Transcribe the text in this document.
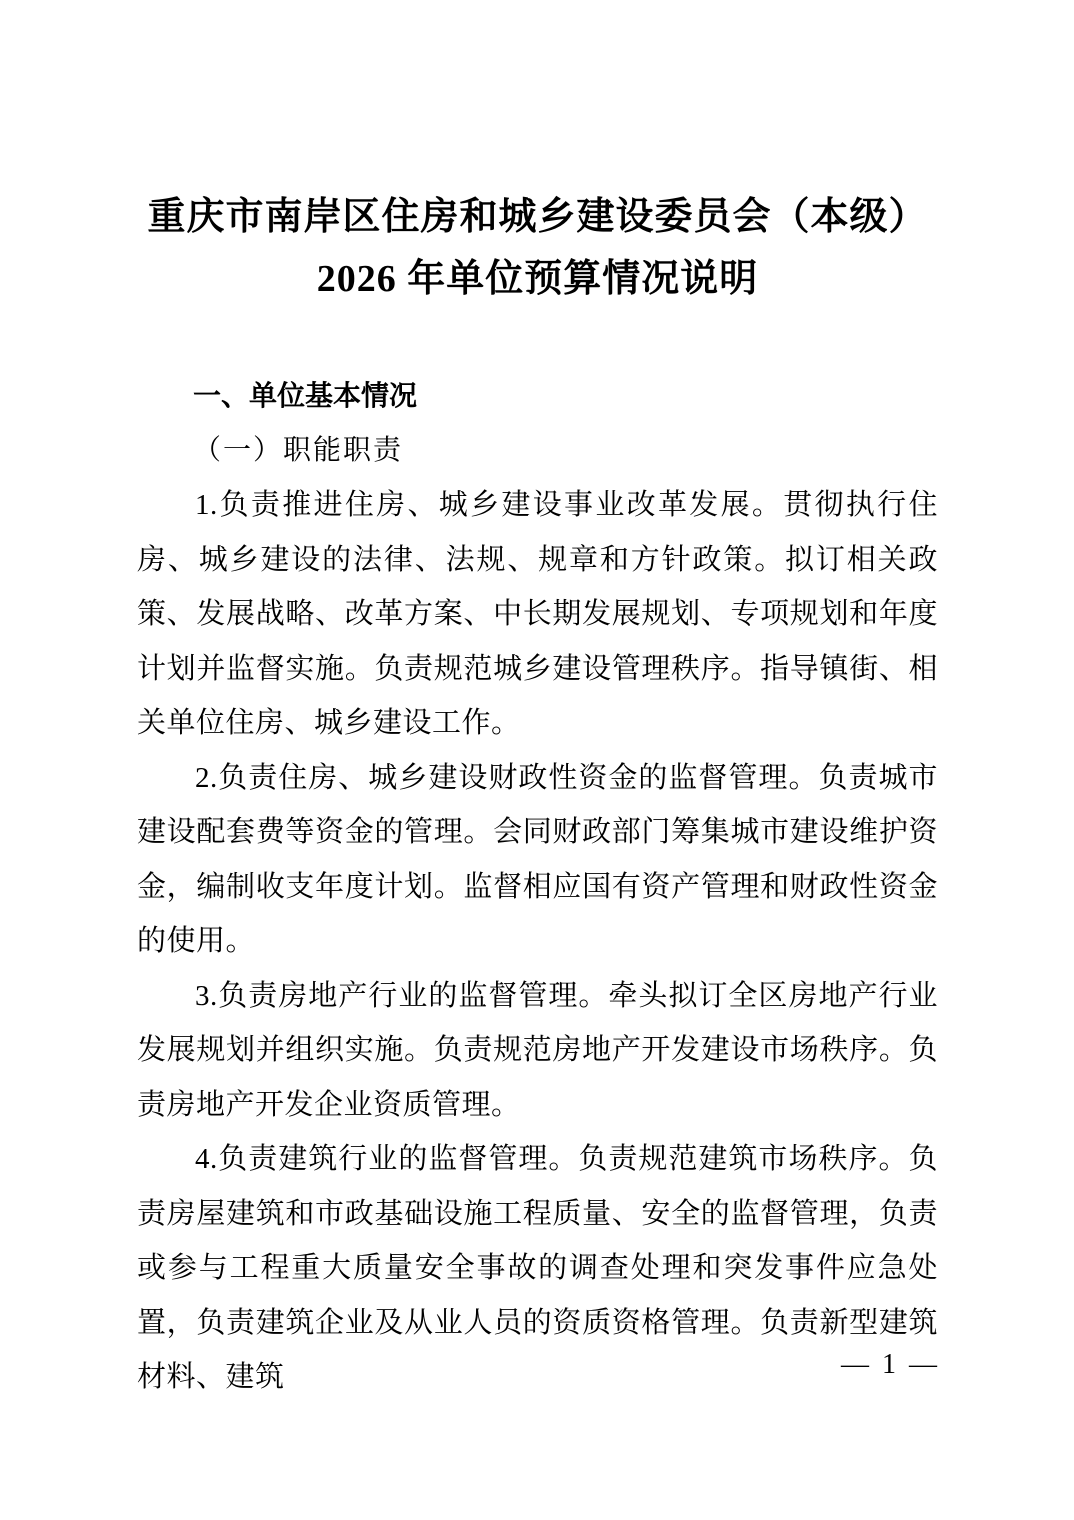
重庆市南岸区住房和城乡建设委员会（本级）
2026 年单位预算情况说明
一、单位基本情况
（一）职能职责

1.负责推进住房、城乡建设事业改革发展。贯彻执行住房、城乡建设的法律、法规、规章和方针政策。拟订相关政策、发展战略、改革方案、中长期发展规划、专项规划和年度计划并监督实施。负责规范城乡建设管理秩序。指导镇街、相关单位住房、城乡建设工作。

2.负责住房、城乡建设财政性资金的监督管理。负责城市建设配套费等资金的管理。会同财政部门筹集城市建设维护资金，编制收支年度计划。监督相应国有资产管理和财政性资金的使用。

3.负责房地产行业的监督管理。牵头拟订全区房地产行业发展规划并组织实施。负责规范房地产开发建设市场秩序。负责房地产开发企业资质管理。

4.负责建筑行业的监督管理。负责规范建筑市场秩序。负责房屋建筑和市政基础设施工程质量、安全的监督管理，负责或参与工程重大质量安全事故的调查处理和突发事件应急处置，负责建筑企业及从业人员的资质资格管理。负责新型建筑材料、建筑	— 1 —
